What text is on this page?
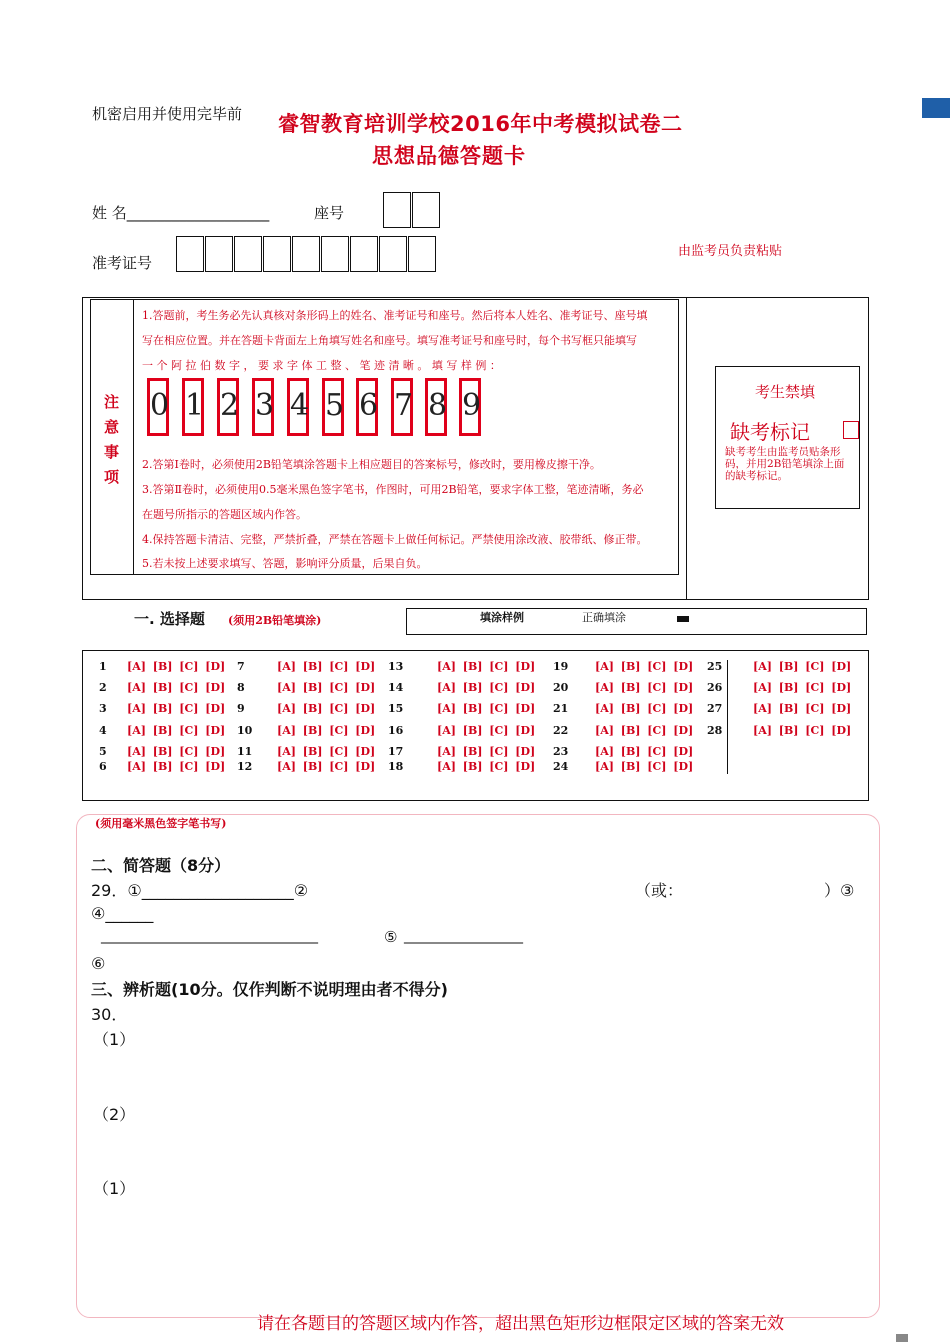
机密启用并使用完毕前 睿智教育培训学校2016年中考模拟试卷二
思想品德答题卡
姓 名___________________	座号
准考证号
由监考员负责粘贴
注
意
事
项
1.答题前，考生务必先认真核对条形码上的姓名、准考证号和座号。然后将本人姓名、准考证号、座号填
写在相应位置。并在答题卡背面左上角填写姓名和座号。填写准考证号和座号时，每个书写框只能填写
一 个 阿 拉 伯 数 字 ， 要 求 字 体 工 整 、 笔 迹 清 晰 。 填 写 样 例 ：
0 1 2 3 4 5 6 7 8 9
2.答第Ⅰ卷时，必须使用2B铅笔填涂答题卡上相应题目的答案标号，修改时，要用橡皮擦干净。
3.答第Ⅱ卷时，必须使用0.5毫米黑色签字笔书，作图时，可用2B铅笔，要求字体工整，笔迹清晰，务必
在题号所指示的答题区域内作答。
4.保持答题卡清洁、完整，严禁折叠，严禁在答题卡上做任何标记。严禁使用涂改液、胶带纸、修正带。
5.若未按上述要求填写、答题，影响评分质量，后果自负。
考生禁填
缺考标记
缺考考生由监考员贴条形码，并用2B铅笔填涂上面的缺考标记。
一. 选择题 (须用2B铅笔填涂)	填涂样例	正确填涂
1 [A] [B] [C] [D]
2 [A] [B] [C] [D]
3 [A] [B] [C] [D]
4 [A] [B] [C] [D]
5 [A] [B] [C] [D]
6 [A] [B] [C] [D]
7	[A] [B] [C] [D]
8	[A] [B] [C] [D]
9	[A] [B] [C] [D]
10 [A] [B] [C] [D]
11 [A] [B] [C] [D]
12 [A] [B] [C] [D]
13	[A] [B] [C] [D]
14	[A] [B] [C] [D]
15	[A] [B] [C] [D]
16	[A] [B] [C] [D]
17	[A] [B] [C] [D]
18	[A] [B] [C] [D]
19 [A] [B] [C] [D]
20 [A] [B] [C] [D]
21 [A] [B] [C] [D]
22 [A] [B] [C] [D]
23 [A] [B] [C] [D]
24 [A] [B] [C] [D]
25	[A] [B] [C] [D]
26	[A] [B] [C] [D]
27	[A] [B] [C] [D]
28	[A] [B] [C] [D]
(须用毫米黑色签字笔书写)
二、简答题（8分）
29．①___________________②	（或：	）③
④______
_______________________________	⑤ _________________
⑥
三、辨析题(10分。仅作判断不说明理由者不得分)
30．
（1）
（2）
（1）
请在各题目的答题区域内作答，超出黑色矩形边框限定区域的答案无效
